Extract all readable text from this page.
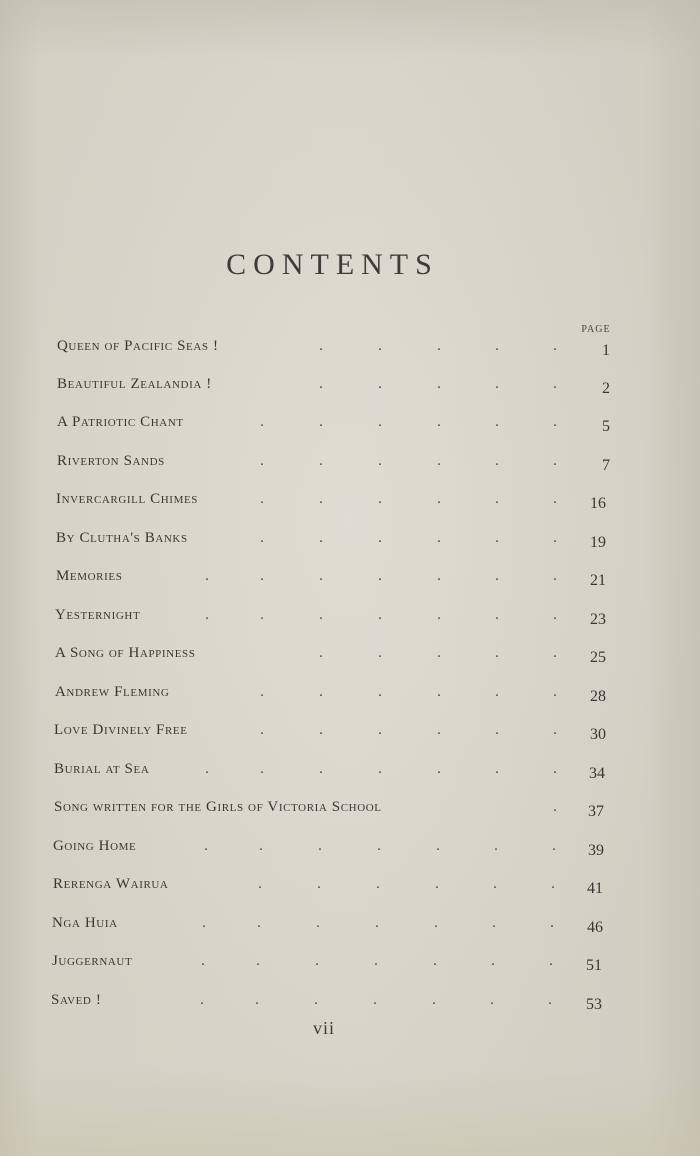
CONTENTS
PAGE
Queen of Pacific Seas !	.	.	.	.	.	1
Beautiful Zealandia !	.	.	.	.	.	2
A Patriotic Chant	.	.	.	.	.	.	5
Riverton Sands	.	.	.	.	.	.	7
Invercargill Chimes	.	.	.	.	.	.	16
By Clutha's Banks	.	.	.	.	.	.	19
Memories	.	.	.	.	.	.	.	21
Yesternight	.	.	.	.	.	.	.	23
A Song of Happiness	.	.	.	.	.	25
Andrew Fleming	.	.	.	.	.	.	28
Love Divinely Free	.	.	.	.	.	.	30
Burial at Sea	.	.	.	.	.	.	.	34
Song written for the Girls of Victoria School	.	37
Going Home	.	.	.	.	.	.	.	39
Rerenga Wairua	.	.	.	.	.	.	41
Nga Huia	.	.	.	.	.	.	.	46
Juggernaut	.	.	.	.	.	.	.	51
Saved !	.	.	.	.	.	.	.	53
vii
